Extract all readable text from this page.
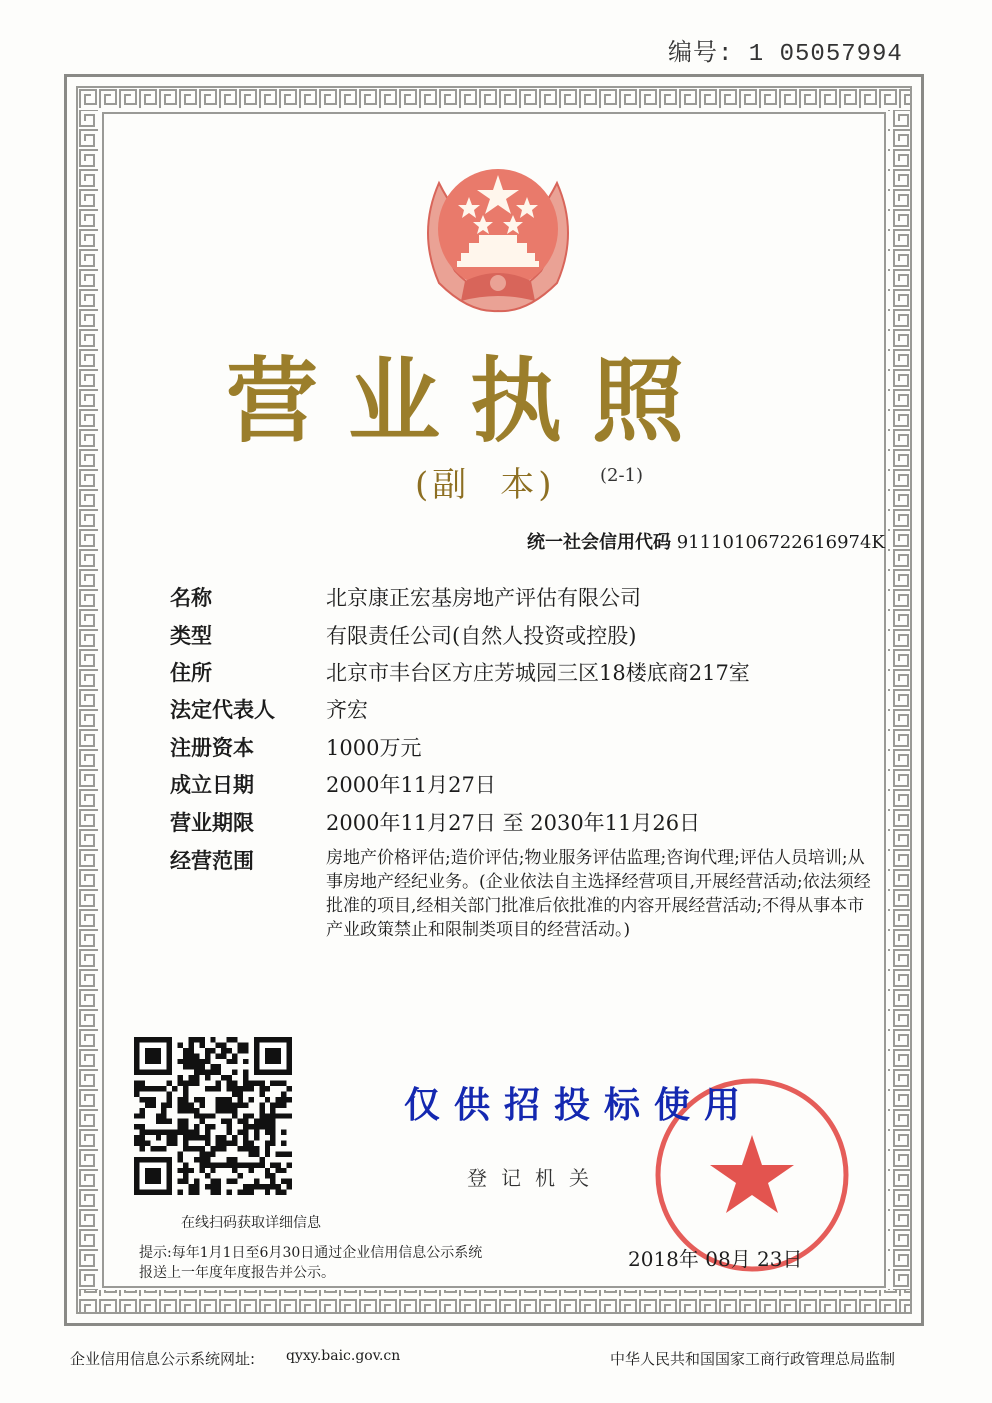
编号: 1 05057994
营业执照
(副 本) (2-1)
统一社会信用代码 91110106722616974K
名称	北京康正宏基房地产评估有限公司
类型	有限责任公司(自然人投资或控股)
住所	北京市丰台区方庄芳城园三区18楼底商217室
法定代表人	齐宏
注册资本	1000万元
成立日期	2000年11月27日
营业期限	2000年11月27日 至 2030年11月26日
经营范围	房地产价格评估;造价评估;物业服务评估监理;咨询代理;评估人员培训;从事房地产经纪业务。(企业依法自主选择经营项目,开展经营活动;依法须经批准的项目,经相关部门批准后依批准的内容开展经营活动;不得从事本市产业政策禁止和限制类项目的经营活动。)
在线扫码获取详细信息
提示:每年1月1日至6月30日通过企业信用信息公示系统
报送上一年度年度报告并公示。
仅供招投标使用
登记机关
2018年 08月 23日
企业信用信息公示系统网址: qyxy.baic.gov.cn	中华人民共和国国家工商行政管理总局监制
